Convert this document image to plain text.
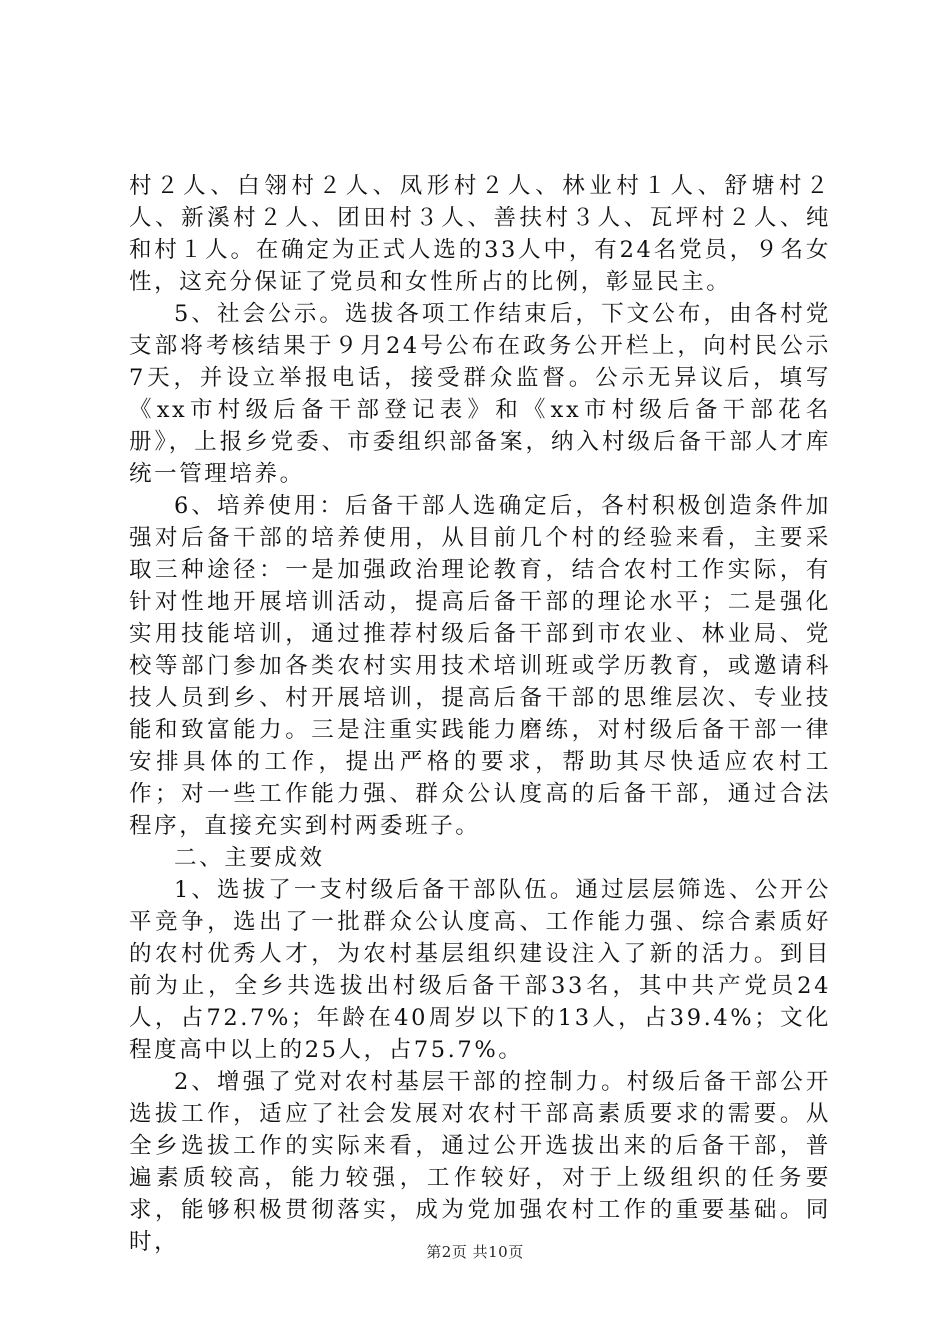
村２人、白翎村２人、凤形村２人、林业村１人、舒塘村２人、新溪村２人、团田村３人、善扶村３人、瓦坪村２人、纯和村１人。在确定为正式人选的33人中，有24名党员，９名女性，这充分保证了党员和女性所占的比例，彰显民主。

5、社会公示。选拔各项工作结束后，下文公布，由各村党支部将考核结果于９月24号公布在政务公开栏上，向村民公示7天，并设立举报电话，接受群众监督。公示无异议后，填写《xx市村级后备干部登记表》和《xx市村级后备干部花名册》，上报乡党委、市委组织部备案，纳入村级后备干部人才库统一管理培养。

6、培养使用：后备干部人选确定后，各村积极创造条件加强对后备干部的培养使用，从目前几个村的经验来看，主要采取三种途径：一是加强政治理论教育，结合农村工作实际，有针对性地开展培训活动，提高后备干部的理论水平；二是强化实用技能培训，通过推荐村级后备干部到市农业、林业局、党校等部门参加各类农村实用技术培训班或学历教育，或邀请科技人员到乡、村开展培训，提高后备干部的思维层次、专业技能和致富能力。三是注重实践能力磨练，对村级后备干部一律安排具体的工作，提出严格的要求，帮助其尽快适应农村工作；对一些工作能力强、群众公认度高的后备干部，通过合法程序，直接充实到村两委班子。

二、主要成效

1、选拔了一支村级后备干部队伍。通过层层筛选、公开公平竞争，选出了一批群众公认度高、工作能力强、综合素质好的农村优秀人才，为农村基层组织建设注入了新的活力。到目前为止，全乡共选拔出村级后备干部33名，其中共产党员24人，占72.7%；年龄在40周岁以下的13人，占39.4%；文化程度高中以上的25人，占75.7%。

2、增强了党对农村基层干部的控制力。村级后备干部公开选拔工作，适应了社会发展对农村干部高素质要求的需要。从全乡选拔工作的实际来看，通过公开选拔出来的后备干部，普遍素质较高，能力较强，工作较好，对于上级组织的任务要求，能够积极贯彻落实，成为党加强农村工作的重要基础。同时，	第2页 共10页
